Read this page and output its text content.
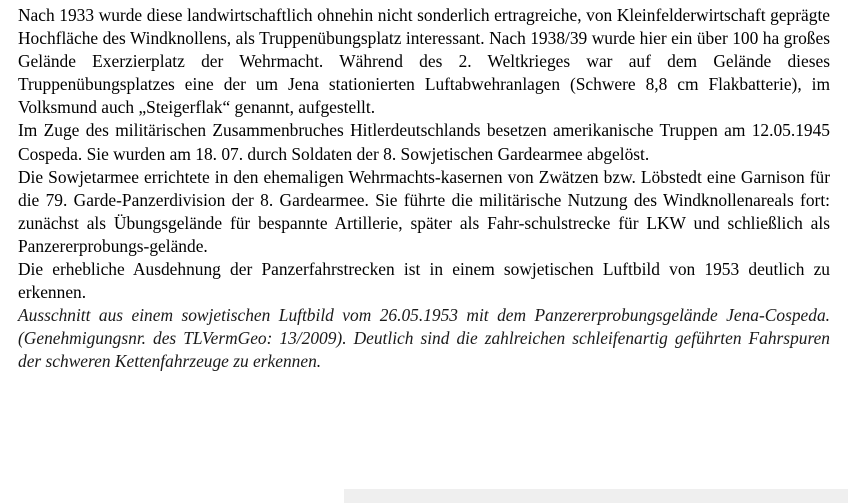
Nach 1933 wurde diese landwirtschaftlich ohnehin nicht sonderlich ertragreiche, von Kleinfelderwirtschaft geprägte Hochfläche des Windknollens, als Truppenübungsplatz interessant. Nach 1938/39 wurde hier ein über 100 ha großes Gelände Exerzierplatz der Wehrmacht. Während des 2. Weltkrieges war auf dem Gelände dieses Truppenübungsplatzes eine der um Jena stationierten Luftabwehranlagen (Schwere 8,8 cm Flakbatterie), im Volksmund auch „Steigerflak“ genannt, aufgestellt.

Im Zuge des militärischen Zusammenbruches Hitlerdeutschlands besetzen amerikanische Truppen am 12.05.1945 Cospeda. Sie wurden am 18. 07. durch Soldaten der 8. Sowjetischen Gardearmee abgelöst.

Die Sowjetarmee errichtete in den ehemaligen Wehrmachts-kasernen von Zwätzen bzw. Löbstedt eine Garnison für die 79. Garde-Panzerdivision der 8. Gardearmee. Sie führte die militärische Nutzung des Windknollenareals fort: zunächst als Übungsgelände für bespannte Artillerie, später als Fahr-schulstrecke für LKW und schließlich als Panzererprobungs-gelände.

Die erhebliche Ausdehnung der Panzerfahrstrecken ist in einem sowjetischen Luftbild von 1953 deutlich zu erkennen.

Ausschnitt aus einem sowjetischen Luftbild vom 26.05.1953 mit dem Panzererprobungsgelände Jena-Cospeda. (Genehmigungsnr. des TLVermGeo: 13/2009). Deutlich sind die zahlreichen schleifenartig geführten Fahrspuren der schweren Kettenfahrzeuge zu erkennen.
